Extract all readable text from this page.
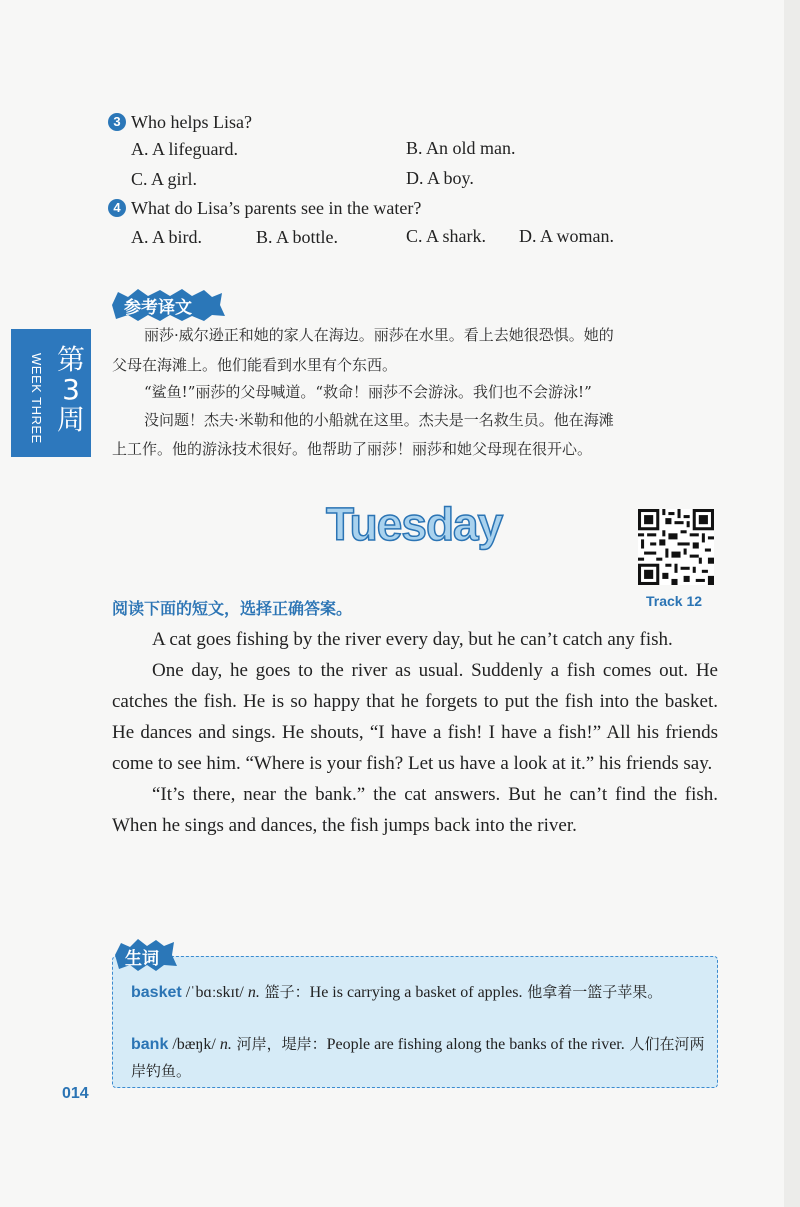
3 Who helps Lisa?
A. A lifeguard.	B. An old man.
C. A girl.	D. A boy.
4 What do Lisa’s parents see in the water?
A. A bird.	B. A bottle.	C. A shark. D. A woman.
参考译文
丽莎·威尔逊正和她的家人在海边。丽莎在水里。看上去她很恐惧。她的
父母在海滩上。他们能看到水里有个东西。
“鲨鱼!”丽莎的父母喊道。“救命！丽莎不会游泳。我们也不会游泳!”
没问题！杰夫·米勒和他的小船就在这里。杰夫是一名救生员。他在海滩
上工作。他的游泳技术很好。他帮助了丽莎！丽莎和她父母现在很开心。
WEEK THREE 第3周
Tuesday
Track 12
阅读下面的短文，选择正确答案。

A cat goes fishing by the river every day, but he can’t catch any fish.

One day, he goes to the river as usual. Suddenly a fish comes out. He catches the fish. He is so happy that he forgets to put the fish into the basket. He dances and sings. He shouts, “I have a fish! I have a fish!” All his friends come to see him. “Where is your fish? Let us have a look at it.” his friends say.

“It’s there, near the bank.” the cat answers. But he can’t find the fish. When he sings and dances, the fish jumps back into the river.

basket /ˈbɑːskɪt/ n. 篮子：He is carrying a basket of apples. 他拿着一篮子苹果。
bank /bæŋk/ n. 河岸，堤岸：People are fishing along the banks of the river. 人们在河两岸钓鱼。
生词
014
